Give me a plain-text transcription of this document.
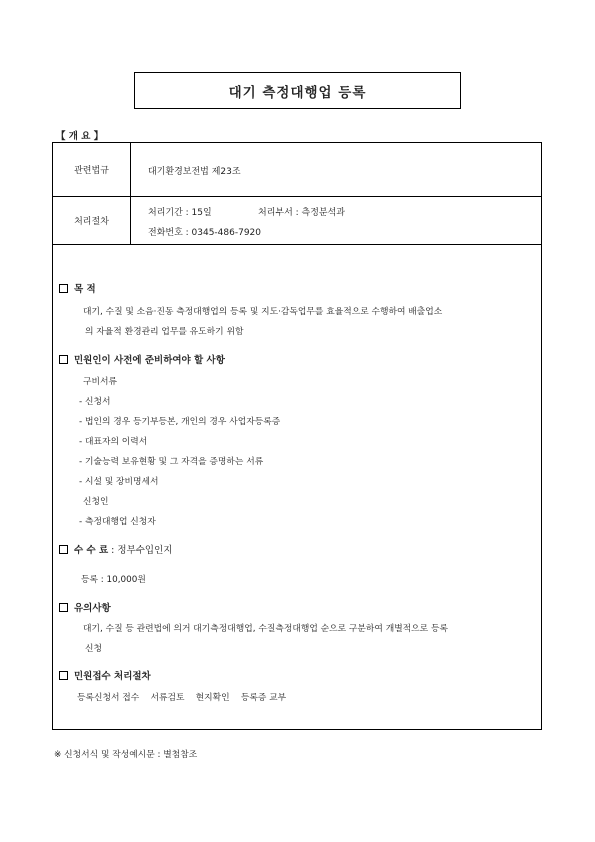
대기 측정대행업 등록
【 개 요 】
관련법규	대기환경보전법 제23조
처리절차
처리기간 : 15일	처리부서 : 측정분석과
전화번호 : 0345-486-7920
목 적
대기, 수질 및 소음·진동 측정대행업의 등록 및 지도·감독업무를 효율적으로 수행하여 배출업소
의 자율적 환경관리 업무를 유도하기 위함
민원인이 사전에 준비하여야 할 사항
구비서류
- 신청서
- 법인의 경우 등기부등본, 개인의 경우 사업자등록증
- 대표자의 이력서
- 기술능력 보유현황 및 그 자격을 증명하는 서류
- 시설 및 장비명세서
신청인
- 측정대행업 신청자
수 수 료 : 정부수입인지
등록 : 10,000원
유의사항
대기, 수질 등 관련법에 의거 대기측정대행업, 수질측정대행업 순으로 구분하여 개별적으로 등록
신청
민원접수 처리절차
등록신청서 접수    서류검토    현지확인    등록증 교부
※ 신청서식 및 작성예시문 : 별첨참조
